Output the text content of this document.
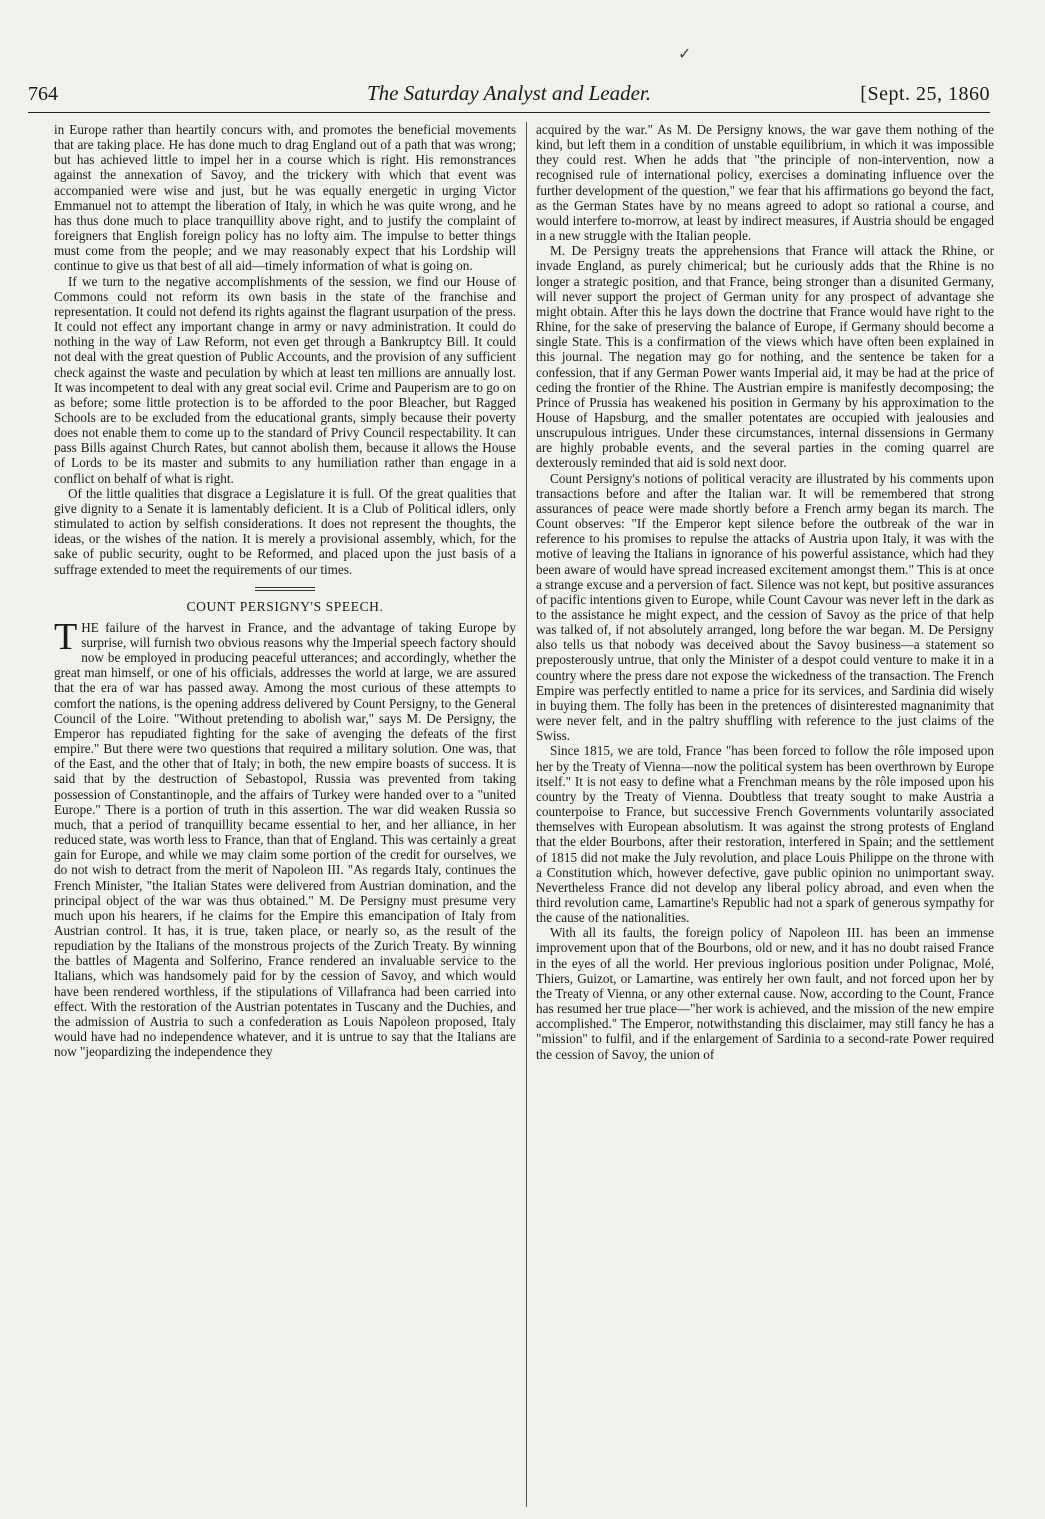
✓
764	The Saturday Analyst and Leader.	[Sept. 25, 1860

in Europe rather than heartily concurs with, and promotes the beneficial movements that are taking place. He has done much to drag England out of a path that was wrong; but has achieved little to impel her in a course which is right. His remonstrances against the annexation of Savoy, and the trickery with which that event was accompanied were wise and just, but he was equally energetic in urging Victor Emmanuel not to attempt the liberation of Italy, in which he was quite wrong, and he has thus done much to place tranquillity above right, and to justify the complaint of foreigners that English foreign policy has no lofty aim. The impulse to better things must come from the people; and we may reasonably expect that his Lordship will continue to give us that best of all aid—timely information of what is going on.

If we turn to the negative accomplishments of the session, we find our House of Commons could not reform its own basis in the state of the franchise and representation. It could not defend its rights against the flagrant usurpation of the press. It could not effect any important change in army or navy administration. It could do nothing in the way of Law Reform, not even get through a Bankruptcy Bill. It could not deal with the great question of Public Accounts, and the provision of any sufficient check against the waste and peculation by which at least ten millions are annually lost. It was incompetent to deal with any great social evil. Crime and Pauperism are to go on as before; some little protection is to be afforded to the poor Bleacher, but Ragged Schools are to be excluded from the educational grants, simply because their poverty does not enable them to come up to the standard of Privy Council respectability. It can pass Bills against Church Rates, but cannot abolish them, because it allows the House of Lords to be its master and submits to any humiliation rather than engage in a conflict on behalf of what is right.

Of the little qualities that disgrace a Legislature it is full. Of the great qualities that give dignity to a Senate it is lamentably deficient. It is a Club of Political idlers, only stimulated to action by selfish considerations. It does not represent the thoughts, the ideas, or the wishes of the nation. It is merely a provisional assembly, which, for the sake of public security, ought to be Reformed, and placed upon the just basis of a suffrage extended to meet the requirements of our times.

COUNT PERSIGNY'S SPEECH.

THE failure of the harvest in France, and the advantage of taking Europe by surprise, will furnish two obvious reasons why the Imperial speech factory should now be employed in producing peaceful utterances; and accordingly, whether the great man himself, or one of his officials, addresses the world at large, we are assured that the era of war has passed away. Among the most curious of these attempts to comfort the nations, is the opening address delivered by Count Persigny, to the General Council of the Loire. "Without pretending to abolish war," says M. De Persigny, the Emperor has repudiated fighting for the sake of avenging the defeats of the first empire." But there were two questions that required a military solution. One was, that of the East, and the other that of Italy; in both, the new empire boasts of success. It is said that by the destruction of Sebastopol, Russia was prevented from taking possession of Constantinople, and the affairs of Turkey were handed over to a "united Europe." There is a portion of truth in this assertion. The war did weaken Russia so much, that a period of tranquillity became essential to her, and her alliance, in her reduced state, was worth less to France, than that of England. This was certainly a great gain for Europe, and while we may claim some portion of the credit for ourselves, we do not wish to detract from the merit of Napoleon III. "As regards Italy, continues the French Minister, "the Italian States were delivered from Austrian domination, and the principal object of the war was thus obtained." M. De Persigny must presume very much upon his hearers, if he claims for the Empire this emancipation of Italy from Austrian control. It has, it is true, taken place, or nearly so, as the result of the repudiation by the Italians of the monstrous projects of the Zurich Treaty. By winning the battles of Magenta and Solferino, France rendered an invaluable service to the Italians, which was handsomely paid for by the cession of Savoy, and which would have been rendered worthless, if the stipulations of Villafranca had been carried into effect. With the restoration of the Austrian potentates in Tuscany and the Duchies, and the admission of Austria to such a confederation as Louis Napoleon proposed, Italy would have had no independence whatever, and it is untrue to say that the Italians are now "jeopardizing the independence they

acquired by the war." As M. De Persigny knows, the war gave them nothing of the kind, but left them in a condition of unstable equilibrium, in which it was impossible they could rest. When he adds that "the principle of non-intervention, now a recognised rule of international policy, exercises a dominating influence over the further development of the question," we fear that his affirmations go beyond the fact, as the German States have by no means agreed to adopt so rational a course, and would interfere to-morrow, at least by indirect measures, if Austria should be engaged in a new struggle with the Italian people.

M. De Persigny treats the apprehensions that France will attack the Rhine, or invade England, as purely chimerical; but he curiously adds that the Rhine is no longer a strategic position, and that France, being stronger than a disunited Germany, will never support the project of German unity for any prospect of advantage she might obtain. After this he lays down the doctrine that France would have right to the Rhine, for the sake of preserving the balance of Europe, if Germany should become a single State. This is a confirmation of the views which have often been explained in this journal. The negation may go for nothing, and the sentence be taken for a confession, that if any German Power wants Imperial aid, it may be had at the price of ceding the frontier of the Rhine. The Austrian empire is manifestly decomposing; the Prince of Prussia has weakened his position in Germany by his approximation to the House of Hapsburg, and the smaller potentates are occupied with jealousies and unscrupulous intrigues. Under these circumstances, internal dissensions in Germany are highly probable events, and the several parties in the coming quarrel are dexterously reminded that aid is sold next door.

Count Persigny's notions of political veracity are illustrated by his comments upon transactions before and after the Italian war. It will be remembered that strong assurances of peace were made shortly before a French army began its march. The Count observes: "If the Emperor kept silence before the outbreak of the war in reference to his promises to repulse the attacks of Austria upon Italy, it was with the motive of leaving the Italians in ignorance of his powerful assistance, which had they been aware of would have spread increased excitement amongst them." This is at once a strange excuse and a perversion of fact. Silence was not kept, but positive assurances of pacific intentions given to Europe, while Count Cavour was never left in the dark as to the assistance he might expect, and the cession of Savoy as the price of that help was talked of, if not absolutely arranged, long before the war began. M. De Persigny also tells us that nobody was deceived about the Savoy business—a statement so preposterously untrue, that only the Minister of a despot could venture to make it in a country where the press dare not expose the wickedness of the transaction. The French Empire was perfectly entitled to name a price for its services, and Sardinia did wisely in buying them. The folly has been in the pretences of disinterested magnanimity that were never felt, and in the paltry shuffling with reference to the just claims of the Swiss.

Since 1815, we are told, France "has been forced to follow the rôle imposed upon her by the Treaty of Vienna—now the political system has been overthrown by Europe itself." It is not easy to define what a Frenchman means by the rôle imposed upon his country by the Treaty of Vienna. Doubtless that treaty sought to make Austria a counterpoise to France, but successive French Governments voluntarily associated themselves with European absolutism. It was against the strong protests of England that the elder Bourbons, after their restoration, interfered in Spain; and the settlement of 1815 did not make the July revolution, and place Louis Philippe on the throne with a Constitution which, however defective, gave public opinion no unimportant sway. Nevertheless France did not develop any liberal policy abroad, and even when the third revolution came, Lamartine's Republic had not a spark of generous sympathy for the cause of the nationalities.

With all its faults, the foreign policy of Napoleon III. has been an immense improvement upon that of the Bourbons, old or new, and it has no doubt raised France in the eyes of all the world. Her previous inglorious position under Polignac, Molé, Thiers, Guizot, or Lamartine, was entirely her own fault, and not forced upon her by the Treaty of Vienna, or any other external cause. Now, according to the Count, France has resumed her true place—"her work is achieved, and the mission of the new empire accomplished." The Emperor, notwithstanding this disclaimer, may still fancy he has a "mission" to fulfil, and if the enlargement of Sardinia to a second-rate Power required the cession of Savoy, the union of
